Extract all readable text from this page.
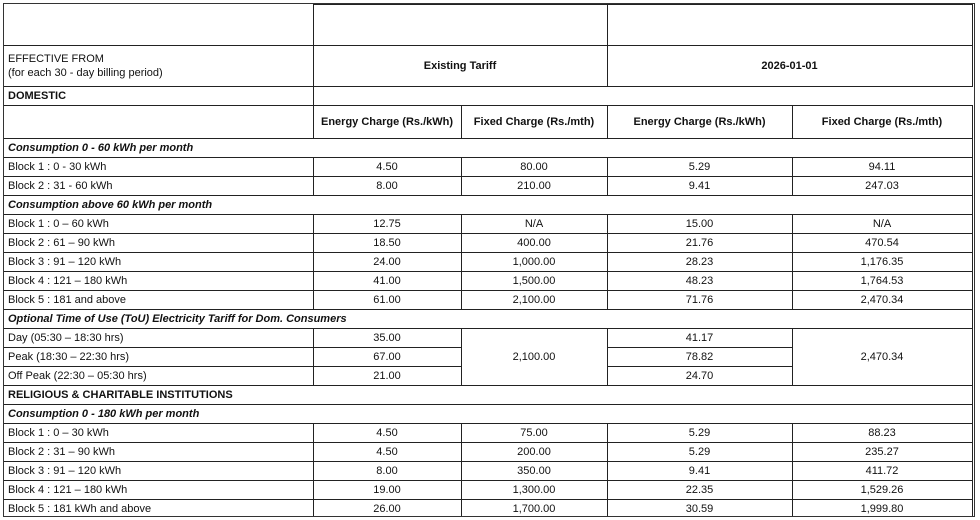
EFFECTIVE FROM
(for each 30 - day billing period)	Existing Tariff		2026-01-01	
DOMESTIC				
	Energy Charge (Rs./kWh)	Fixed Charge (Rs./mth)	Energy Charge (Rs./kWh)	Fixed Charge (Rs./mth)
Consumption 0 - 60 kWh per month				
Block 1 : 0 - 30 kWh	4.50	80.00	5.29	94.11
Block 2 : 31 - 60 kWh	8.00	210.00	9.41	247.03
Consumption above 60 kWh per month				
Block 1 : 0 – 60 kWh	12.75	N/A	15.00	N/A
Block 2 : 61 – 90 kWh	18.50	400.00	21.76	470.54
Block 3 : 91 – 120 kWh	24.00	1,000.00	28.23	1,176.35
Block 4 : 121 – 180 kWh	41.00	1,500.00	48.23	1,764.53
Block 5 : 181 and above	61.00	2,100.00	71.76	2,470.34
Optional Time of Use (ToU) Electricity Tariff for Dom. Consumers				
Day (05:30 – 18:30 hrs)	35.00	2,100.00	41.17	2,470.34
Peak (18:30 – 22:30 hrs)	67.00		78.82	
Off Peak (22:30 – 05:30 hrs)	21.00		24.70	
RELIGIOUS & CHARITABLE INSTITUTIONS				
Consumption 0 - 180 kWh per month				
Block 1 : 0 – 30 kWh	4.50	75.00	5.29	88.23
Block 2 : 31 – 90 kWh	4.50	200.00	5.29	235.27
Block 3 : 91 – 120 kWh	8.00	350.00	9.41	411.72
Block 4 : 121 – 180 kWh	19.00	1,300.00	22.35	1,529.26
Block 5 : 181 kWh and above	26.00	1,700.00	30.59	1,999.80
